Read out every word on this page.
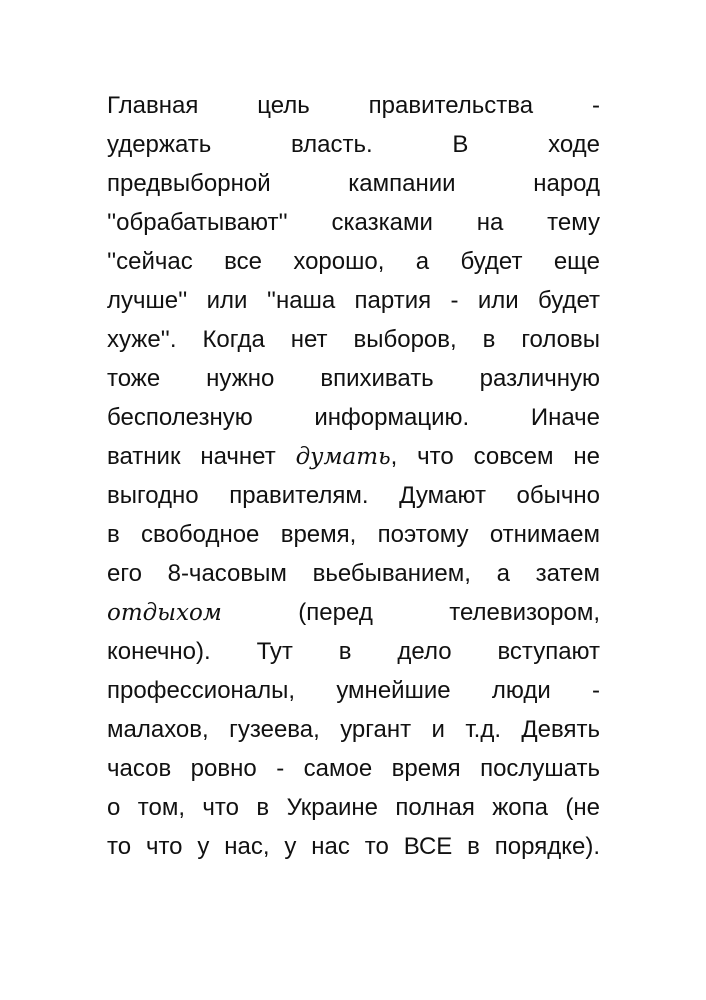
Главная цель правительства -
удержать власть. В ходе
предвыборной кампании народ
''обрабатывают'' сказками на тему
''сейчас все хорошо, а будет еще
лучше'' или ''наша партия - или будет
хуже''. Когда нет выборов, в головы
тоже нужно впихивать различную
бесполезную информацию. Иначе
ватник начнет думать, что совсем не
выгодно правителям. Думают обычно
в свободное время, поэтому отнимаем
его 8-часовым вьебыванием, а затем
отдыхом (перед телевизором,
конечно). Тут в дело вступают
профессионалы, умнейшие люди -
малахов, гузеева, ургант и т.д. Девять
часов ровно - самое время послушать
о том, что в Украине полная жопа (не
то что у нас, у нас то ВСЕ в порядке).
